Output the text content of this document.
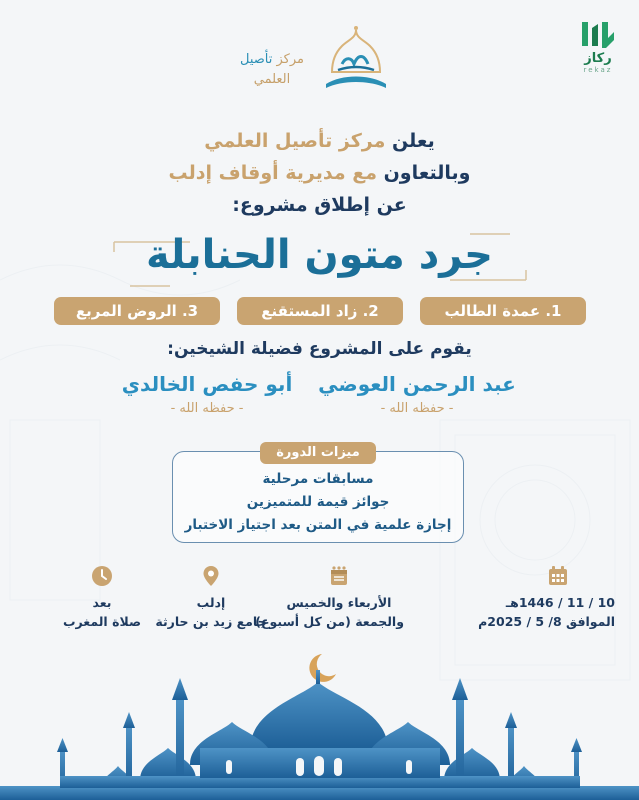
ركاز
rekaz
مركز تأصيل
العلمي
يعلن مركز تأصيل العلمي
وبالتعاون مع مديرية أوقاف إدلب
عن إطلاق مشروع:
جرد متون الحنابلة
1. عمدة الطالب
2. زاد المستقنع
3. الروض المربع
يقوم على المشروع فضيلة الشيخين:
عبد الرحمن العوضي
- حفظه الله -
أبو حفص الخالدي
- حفظه الله -
ميزات الدورة
مسابقات مرحلية
جوائز قيمة للمتميزين
إجازة علمية في المتن بعد اجتياز الاختبار
10 / 11 / 1446هـ
الموافق 8/ 5 / 2025م
الأربعاء والخميس
والجمعة (من كل أسبوع)
إدلب
جامع زيد بن حارثة
بعد
صلاة المغرب
